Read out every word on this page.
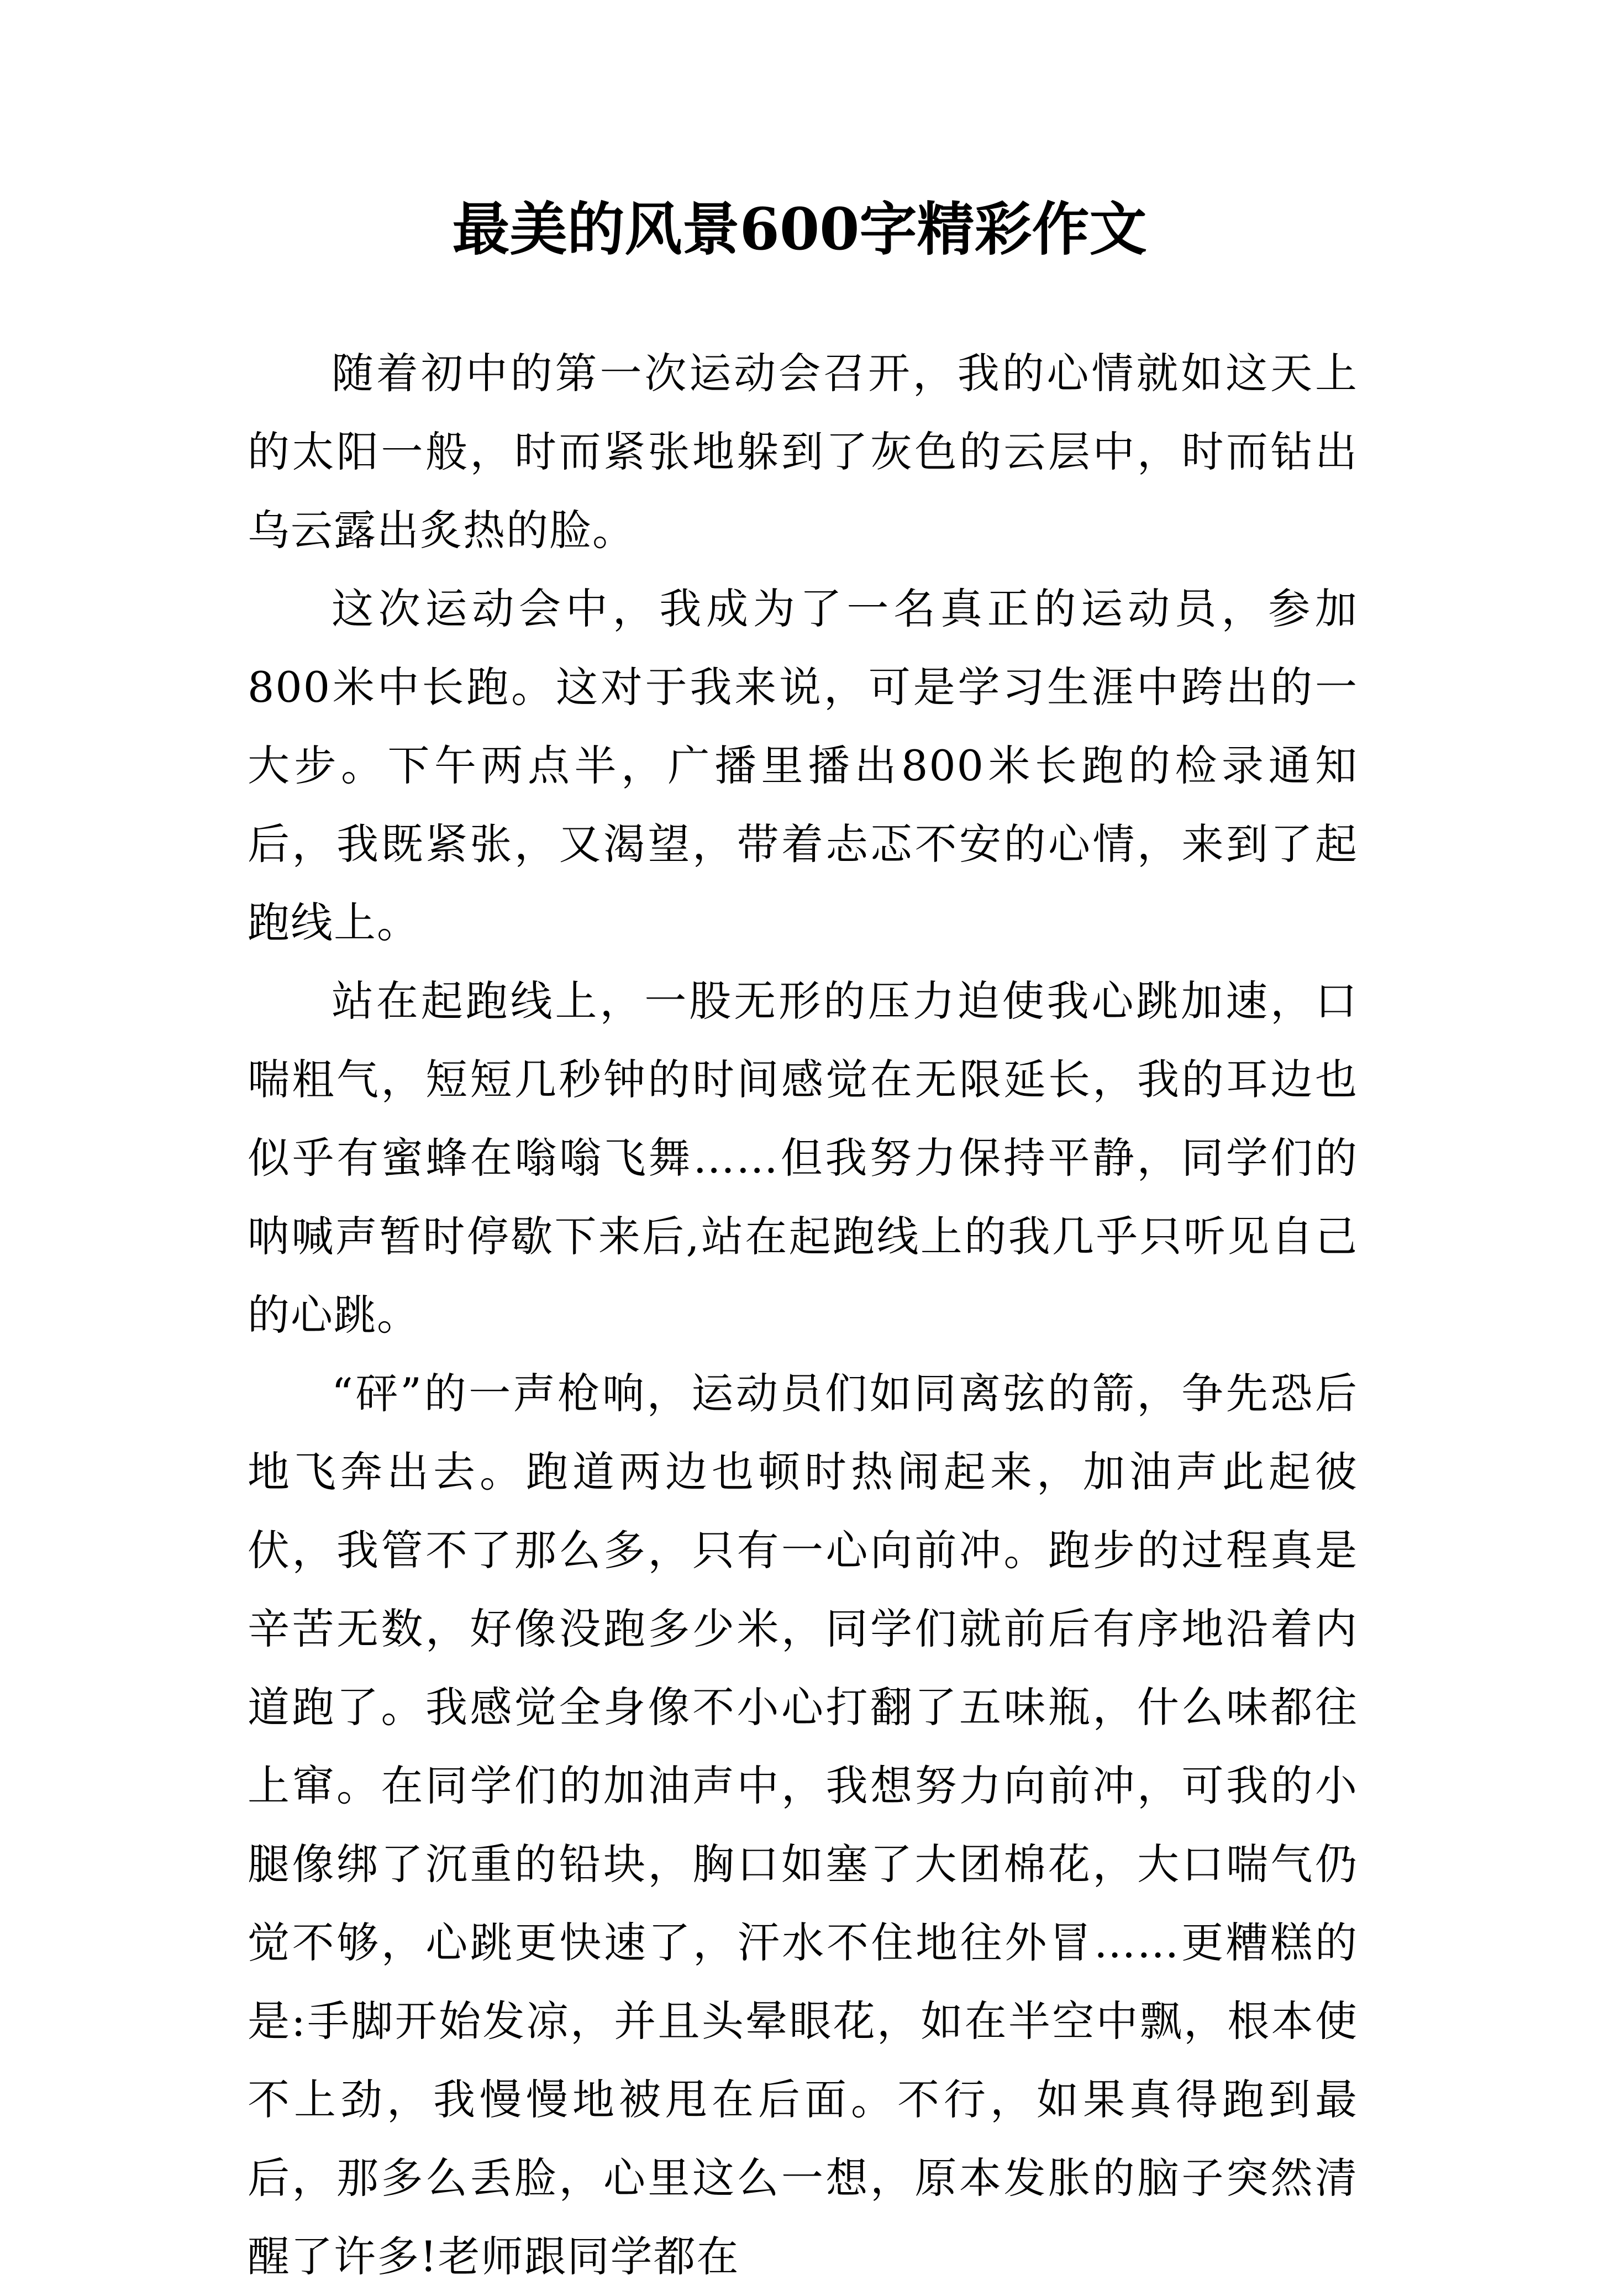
最美的风景600字精彩作文

随着初中的第一次运动会召开，我的心情就如这天上的太阳一般，时而紧张地躲到了灰色的云层中，时而钻出乌云露出炙热的脸。

这次运动会中，我成为了一名真正的运动员，参加800米中长跑。这对于我来说，可是学习生涯中跨出的一大步。下午两点半，广播里播出800米长跑的检录通知后，我既紧张，又渴望，带着忐忑不安的心情，来到了起跑线上。

站在起跑线上，一股无形的压力迫使我心跳加速，口喘粗气，短短几秒钟的时间感觉在无限延长，我的耳边也似乎有蜜蜂在嗡嗡飞舞……但我努力保持平静，同学们的呐喊声暂时停歇下来后,站在起跑线上的我几乎只听见自己的心跳。

“砰”的一声枪响，运动员们如同离弦的箭，争先恐后地飞奔出去。跑道两边也顿时热闹起来，加油声此起彼伏，我管不了那么多，只有一心向前冲。跑步的过程真是辛苦无数，好像没跑多少米，同学们就前后有序地沿着内道跑了。我感觉全身像不小心打翻了五味瓶，什么味都往上窜。在同学们的加油声中，我想努力向前冲，可我的小腿像绑了沉重的铅块，胸口如塞了大团棉花，大口喘气仍觉不够，心跳更快速了，汗水不住地往外冒……更糟糕的是:手脚开始发凉，并且头晕眼花，如在半空中飘，根本使不上劲，我慢慢地被甩在后面。不行，如果真得跑到最后，那多么丢脸，心里这么一想，原本发胀的脑子突然清醒了许多!老师跟同学都在
